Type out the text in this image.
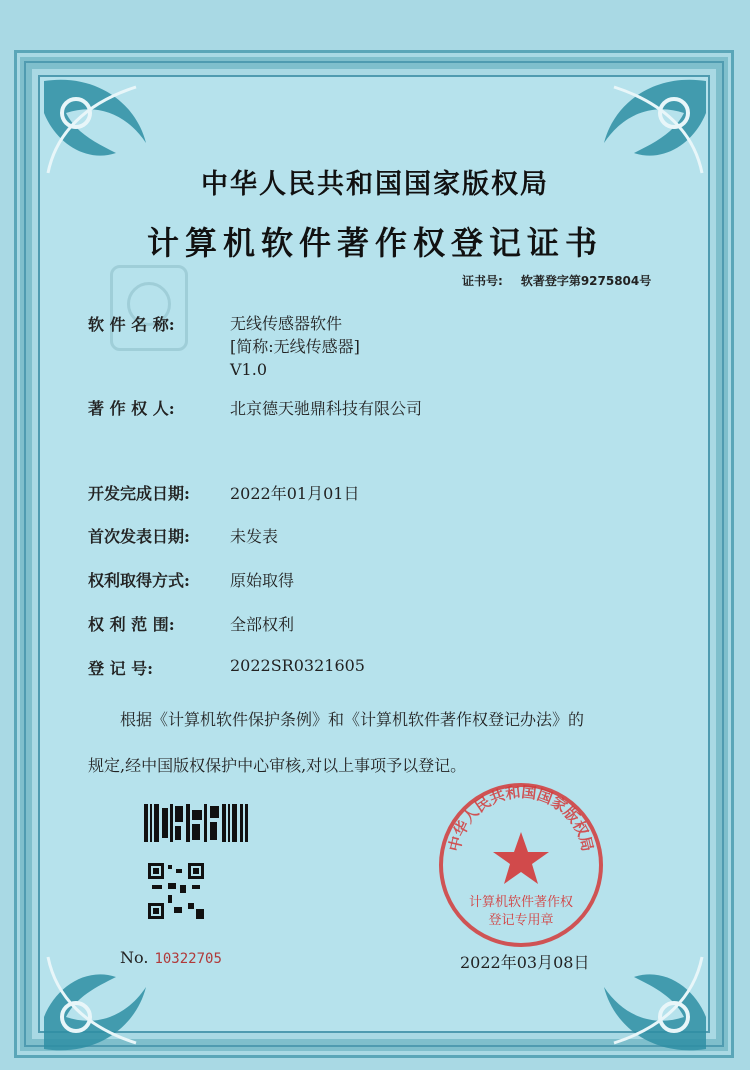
中华人民共和国国家版权局
计算机软件著作权登记证书
证书号: 软著登字第9275804号
软 件 名 称:	无线传感器软件
[简称:无线传感器]
V1.0
著 作 权 人:	北京德天驰鼎科技有限公司
开发完成日期:	2022年01月01日
首次发表日期:	未发表
权利取得方式:	原始取得
权 利 范 围:	全部权利
登 记 号:	2022SR0321605
根据《计算机软件保护条例》和《计算机软件著作权登记办法》的
规定,经中国版权保护中心审核,对以上事项予以登记。
No. 10322705
中华人民共和国国家版权局
计算机软件著作权
登记专用章
2022年03月08日
